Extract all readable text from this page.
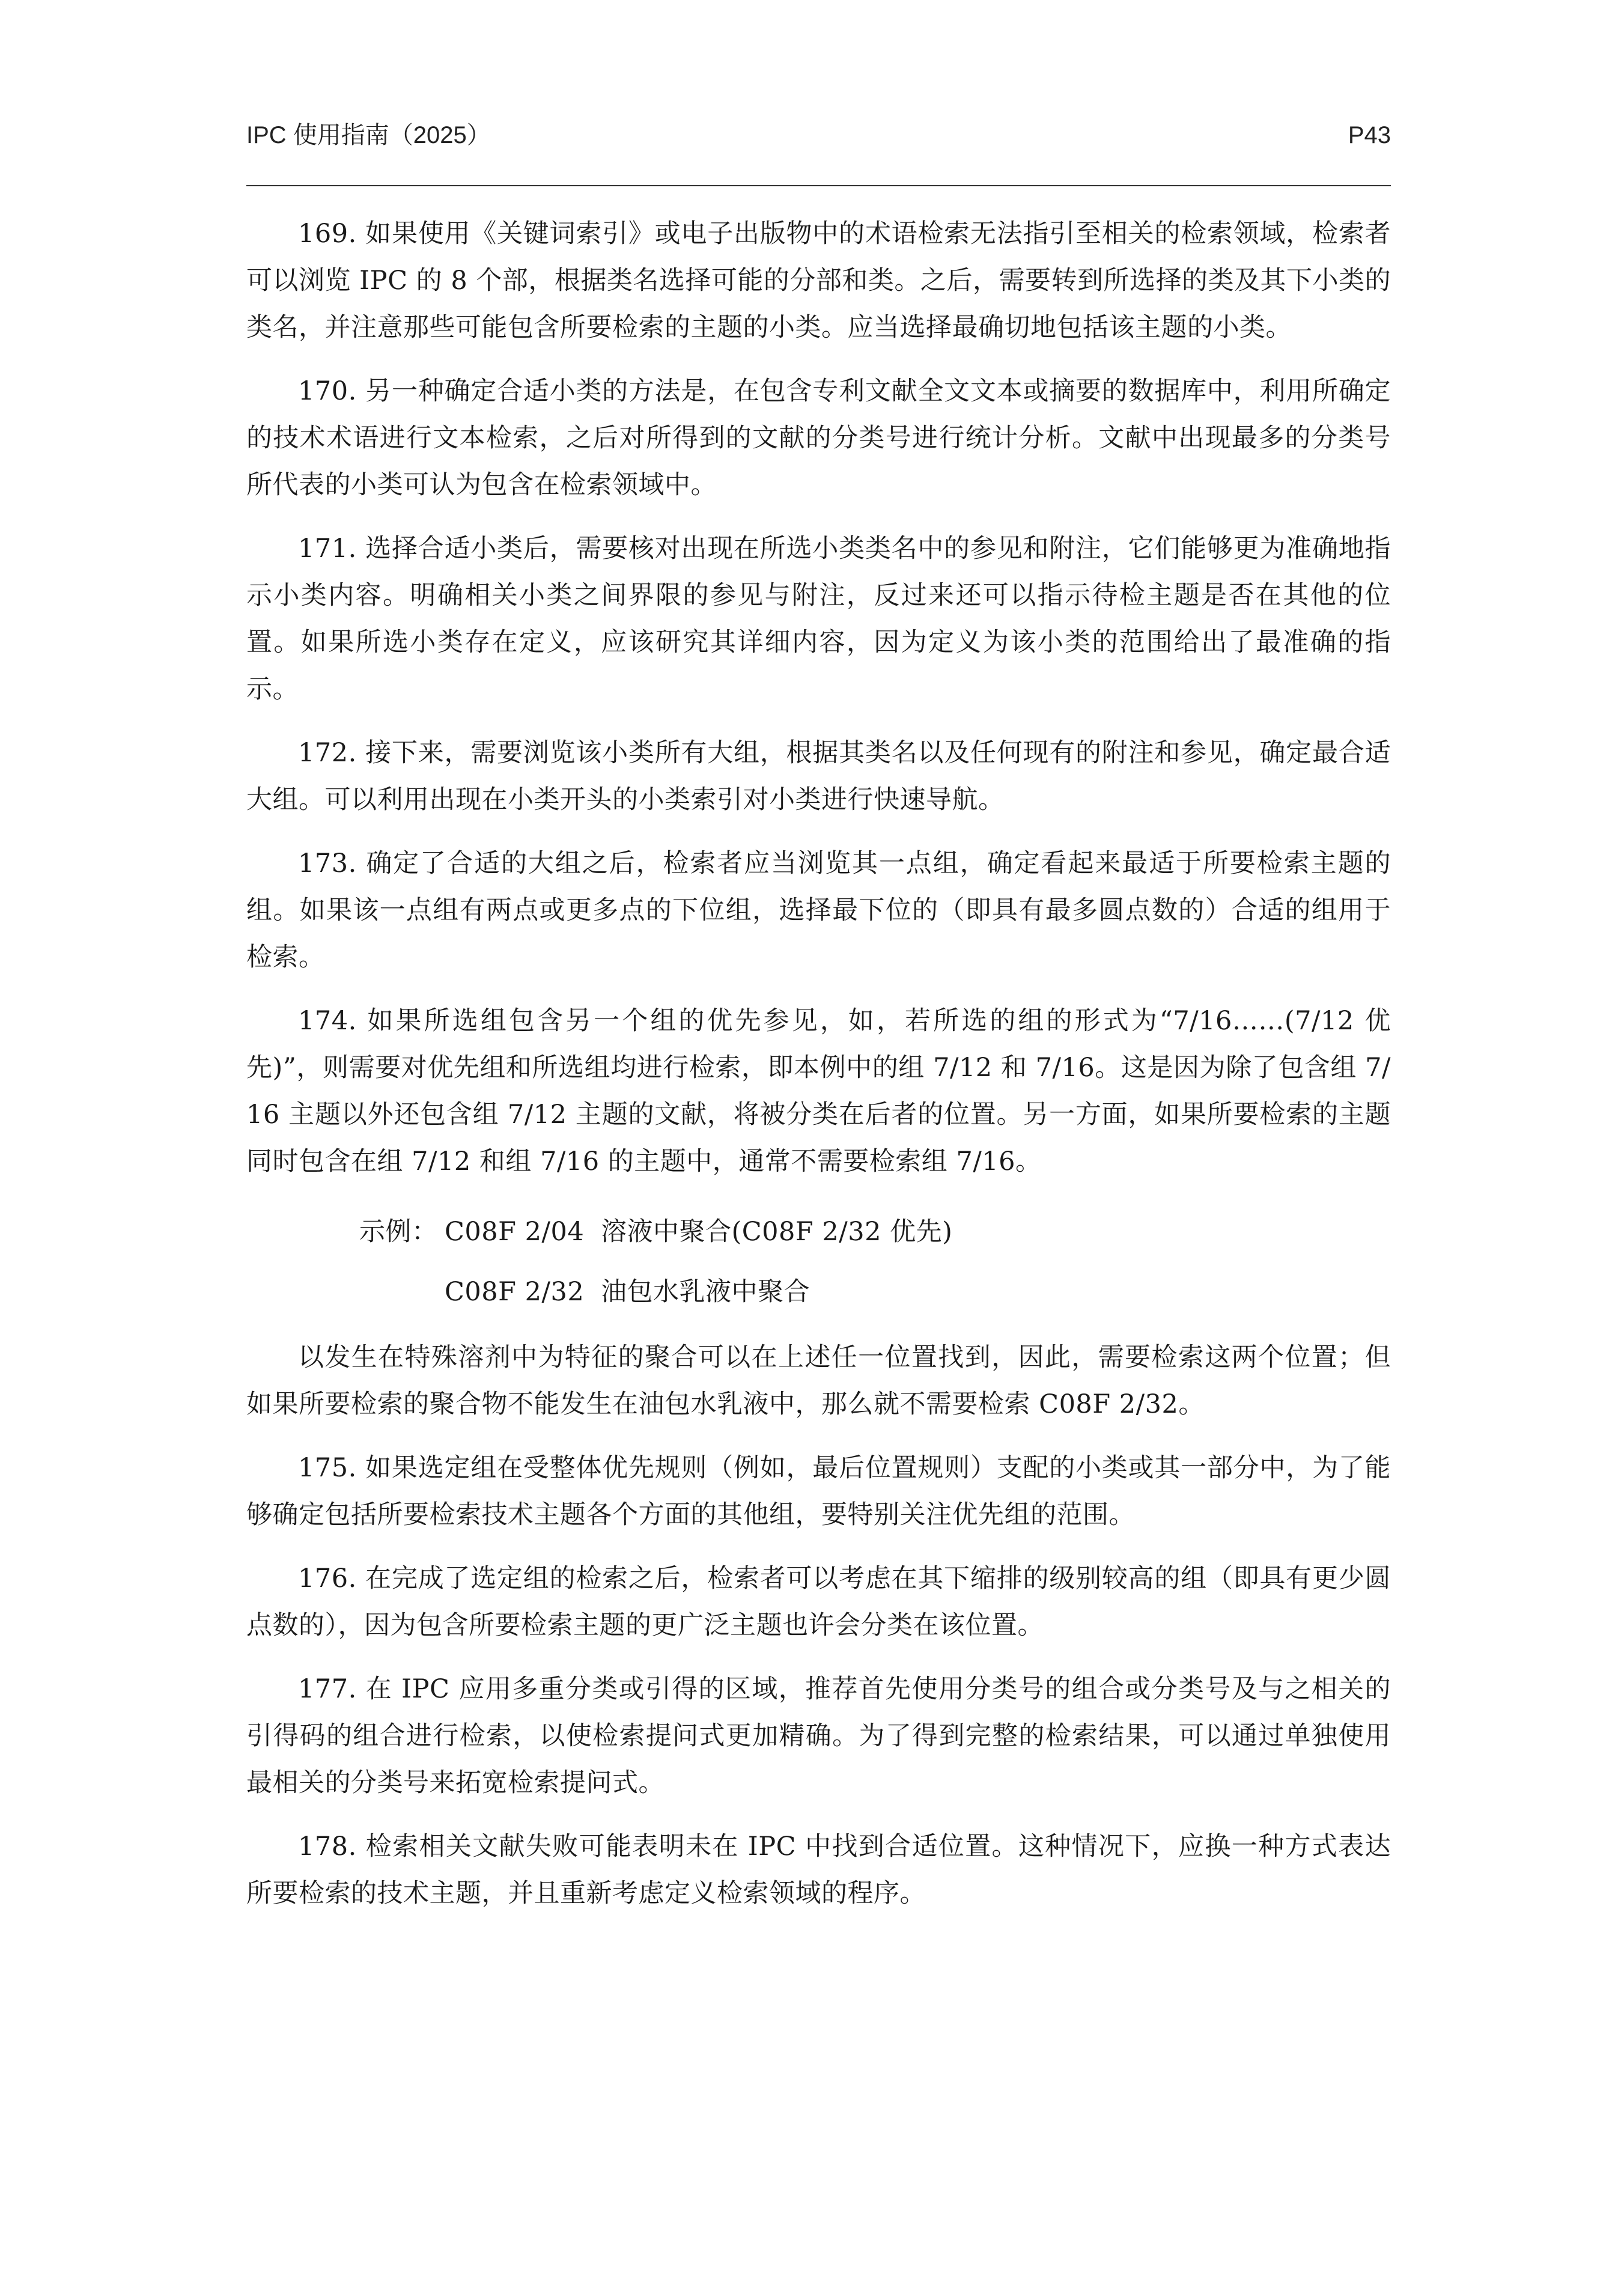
IPC 使用指南（2025）	P43

169. 如果使用《关键词索引》或电子出版物中的术语检索无法指引至相关的检索领域，检索者可以浏览 IPC 的 8 个部，根据类名选择可能的分部和类。之后，需要转到所选择的类及其下小类的类名，并注意那些可能包含所要检索的主题的小类。应当选择最确切地包括该主题的小类。

170. 另一种确定合适小类的方法是，在包含专利文献全文文本或摘要的数据库中，利用所确定的技术术语进行文本检索，之后对所得到的文献的分类号进行统计分析。文献中出现最多的分类号所代表的小类可认为包含在检索领域中。

171. 选择合适小类后，需要核对出现在所选小类类名中的参见和附注，它们能够更为准确地指示小类内容。明确相关小类之间界限的参见与附注，反过来还可以指示待检主题是否在其他的位置。如果所选小类存在定义，应该研究其详细内容，因为定义为该小类的范围给出了最准确的指示。

172. 接下来，需要浏览该小类所有大组，根据其类名以及任何现有的附注和参见，确定最合适大组。可以利用出现在小类开头的小类索引对小类进行快速导航。

173. 确定了合适的大组之后，检索者应当浏览其一点组，确定看起来最适于所要检索主题的组。如果该一点组有两点或更多点的下位组，选择最下位的（即具有最多圆点数的）合适的组用于检索。

174. 如果所选组包含另一个组的优先参见，如，若所选的组的形式为“7/16……(7/12 优先)”，则需要对优先组和所选组均进行检索，即本例中的组 7/12 和 7/16。这是因为除了包含组 7/16 主题以外还包含组 7/12 主题的文献，将被分类在后者的位置。另一方面，如果所要检索的主题同时包含在组 7/12 和组 7/16 的主题中，通常不需要检索组 7/16。

示例： C08F 2/04 溶液中聚合(C08F 2/32 优先)
C08F 2/32 油包水乳液中聚合

以发生在特殊溶剂中为特征的聚合可以在上述任一位置找到，因此，需要检索这两个位置；但如果所要检索的聚合物不能发生在油包水乳液中，那么就不需要检索 C08F 2/32。

175. 如果选定组在受整体优先规则（例如，最后位置规则）支配的小类或其一部分中，为了能够确定包括所要检索技术主题各个方面的其他组，要特别关注优先组的范围。

176. 在完成了选定组的检索之后，检索者可以考虑在其下缩排的级别较高的组（即具有更少圆点数的），因为包含所要检索主题的更广泛主题也许会分类在该位置。

177. 在 IPC 应用多重分类或引得的区域，推荐首先使用分类号的组合或分类号及与之相关的引得码的组合进行检索，以使检索提问式更加精确。为了得到完整的检索结果，可以通过单独使用最相关的分类号来拓宽检索提问式。

178. 检索相关文献失败可能表明未在 IPC 中找到合适位置。这种情况下，应换一种方式表达所要检索的技术主题，并且重新考虑定义检索领域的程序。
